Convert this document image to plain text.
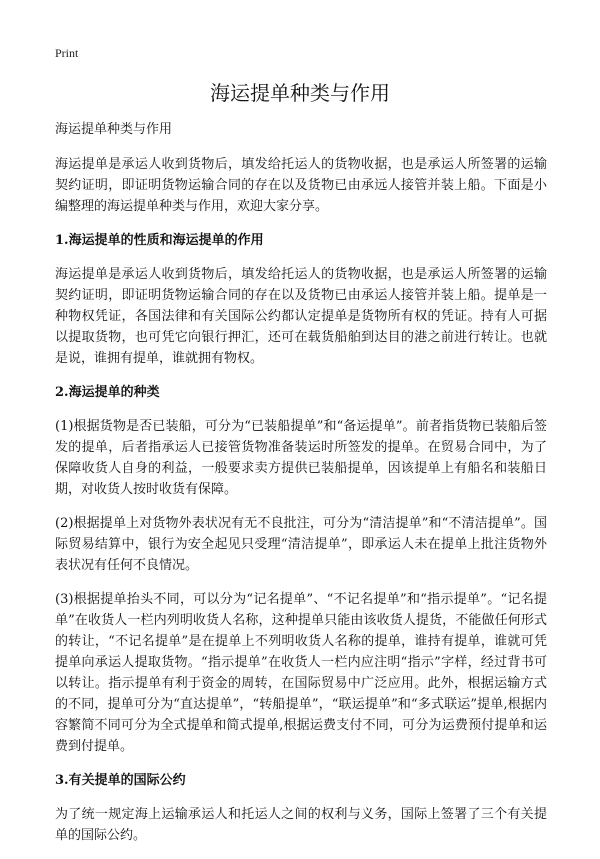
Print
海运提单种类与作用

海运提单种类与作用

海运提单是承运人收到货物后，填发给托运人的货物收据，也是承运人所签署的运输契约证明，即证明货物运输合同的存在以及货物已由承远人接管并装上船。下面是小编整理的海运提单种类与作用，欢迎大家分享。

1.海运提单的性质和海运提单的作用

海运提单是承运人收到货物后，填发给托运人的货物收据，也是承运人所签署的运输契约证明，即证明货物运输合同的存在以及货物已由承运人接管并装上船。提单是一种物权凭证，各国法律和有关国际公约都认定提单是货物所有权的凭证。持有人可据以提取货物，也可凭它向银行押汇，还可在载货船舶到达目的港之前进行转让。也就是说，谁拥有提单，谁就拥有物权。

2.海运提单的种类

(1)根据货物是否已装船，可分为“已装船提单”和“备运提单”。前者指货物已装船后签发的提单，后者指承运人已接管货物准备装运时所签发的提单。在贸易合同中，为了保障收货人自身的利益，一般要求卖方提供已装船提单，因该提单上有船名和装船日期，对收货人按时收货有保障。

(2)根据提单上对货物外表状况有无不良批注，可分为“清洁提单”和“不清洁提单”。国际贸易结算中，银行为安全起见只受理“清洁提单”，即承运人未在提单上批注货物外表状况有任何不良情况。

(3)根据提单抬头不同，可以分为“记名提单”、“不记名提单”和“指示提单”。“记名提单”在收货人一栏内列明收货人名称，这种提单只能由该收货人提货，不能做任何形式的转让，“不记名提单”是在提单上不列明收货人名称的提单，谁持有提单，谁就可凭提单向承运人提取货物。“指示提单”在收货人一栏内应注明“指示”字样，经过背书可以转让。指示提单有利于资金的周转，在国际贸易中广泛应用。此外，根据运输方式的不同，提单可分为“直达提单”，“转船提单”，“联运提单”和“多式联运”提单,根据内容繁简不同可分为全式提单和简式提单,根据运费支付不同，可分为运费预付提单和运费到付提单。

3.有关提单的国际公约

为了统一规定海上运输承运人和托运人之间的权利与义务，国际上签署了三个有关提单的国际公约。
